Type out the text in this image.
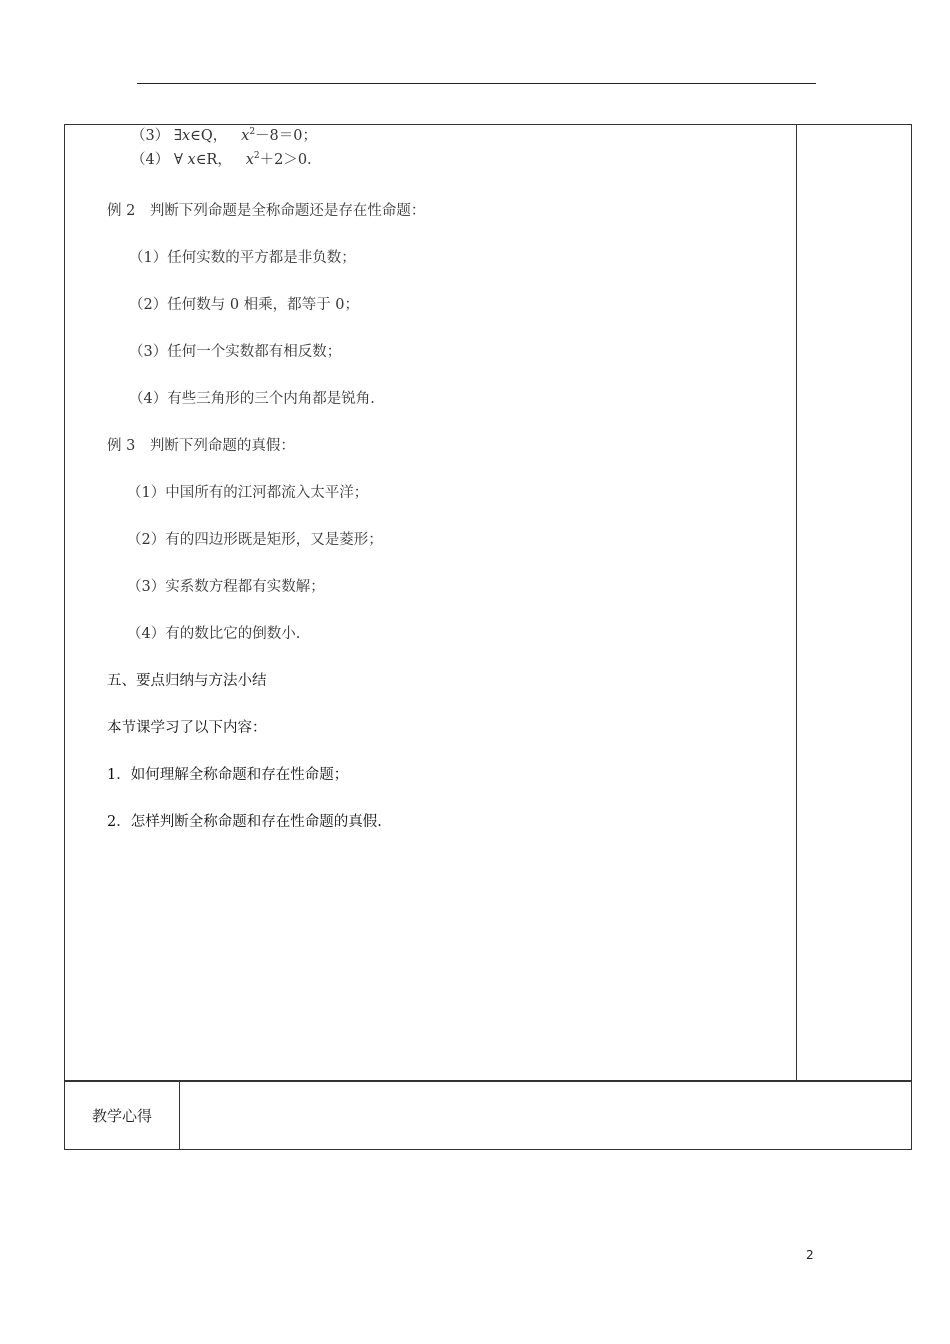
（3） ∃x∈Q， $x^2-8=0$；
（4） ∀ x∈R， $x^2+2>0$.
例 2　判断下列命题是全称命题还是存在性命题：
（1）任何实数的平方都是非负数；
（2）任何数与 0 相乘，都等于 0；
（3）任何一个实数都有相反数；
（4）有些三角形的三个内角都是锐角.
例 3　判断下列命题的真假：
（1）中国所有的江河都流入太平洋；
（2）有的四边形既是矩形，又是菱形；
（3）实系数方程都有实数解；
（4）有的数比它的倒数小.
五、要点归纳与方法小结
本节课学习了以下内容：
1．如何理解全称命题和存在性命题；
2．怎样判断全称命题和存在性命题的真假.
教学心得
2
